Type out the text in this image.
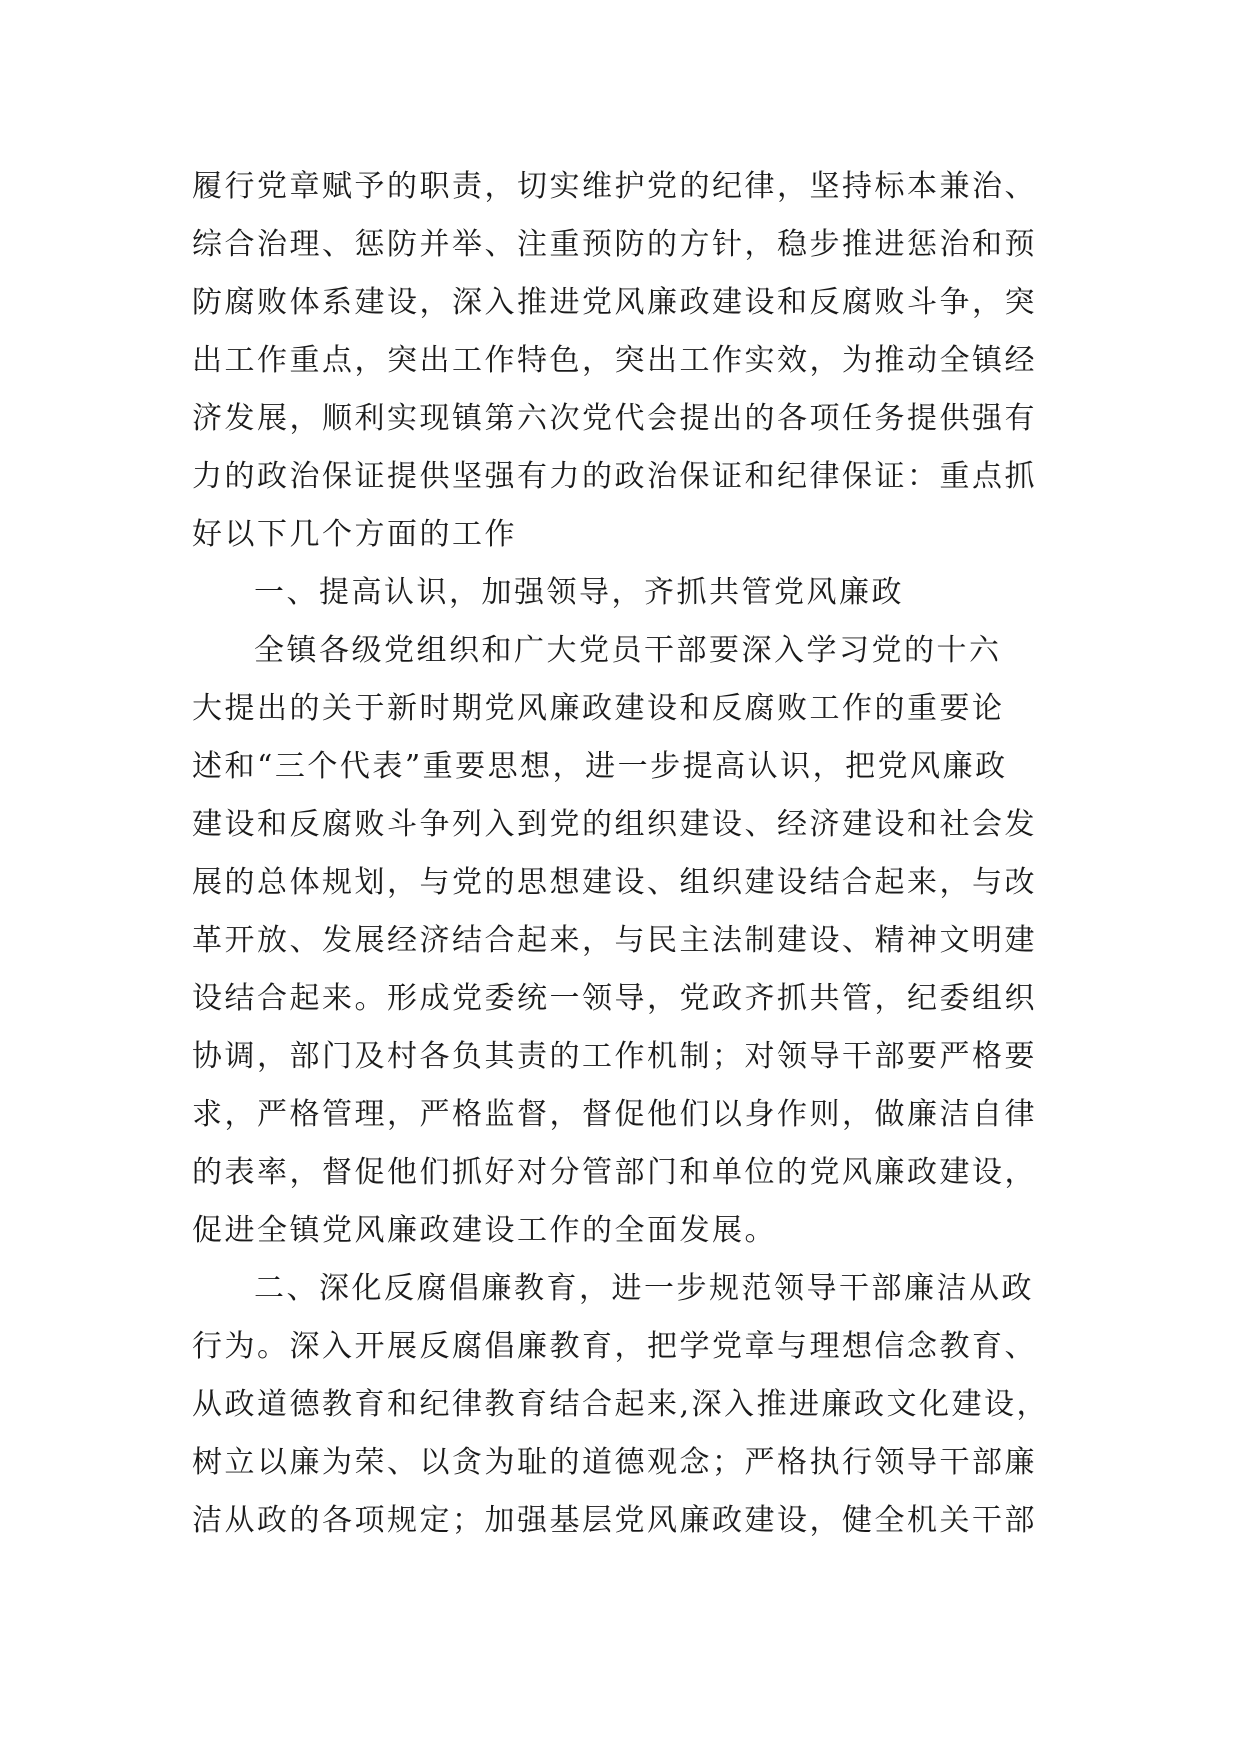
履行党章赋予的职责，切实维护党的纪律，坚持标本兼治、
综合治理、惩防并举、注重预防的方针，稳步推进惩治和预
防腐败体系建设，深入推进党风廉政建设和反腐败斗争，突
出工作重点，突出工作特色，突出工作实效，为推动全镇经
济发展，顺利实现镇第六次党代会提出的各项任务提供强有
力的政治保证提供坚强有力的政治保证和纪律保证：重点抓
好以下几个方面的工作
一、提高认识，加强领导，齐抓共管党风廉政
全镇各级党组织和广大党员干部要深入学习党的十六
大提出的关于新时期党风廉政建设和反腐败工作的重要论
述和“三个代表”重要思想，进一步提高认识，把党风廉政
建设和反腐败斗争列入到党的组织建设、经济建设和社会发
展的总体规划，与党的思想建设、组织建设结合起来，与改
革开放、发展经济结合起来，与民主法制建设、精神文明建
设结合起来。形成党委统一领导，党政齐抓共管，纪委组织
协调，部门及村各负其责的工作机制；对领导干部要严格要
求，严格管理，严格监督，督促他们以身作则，做廉洁自律
的表率，督促他们抓好对分管部门和单位的党风廉政建设，
促进全镇党风廉政建设工作的全面发展。
二、深化反腐倡廉教育，进一步规范领导干部廉洁从政
行为。深入开展反腐倡廉教育，把学党章与理想信念教育、
从政道德教育和纪律教育结合起来,深入推进廉政文化建设，
树立以廉为荣、以贪为耻的道德观念；严格执行领导干部廉
洁从政的各项规定；加强基层党风廉政建设，健全机关干部
